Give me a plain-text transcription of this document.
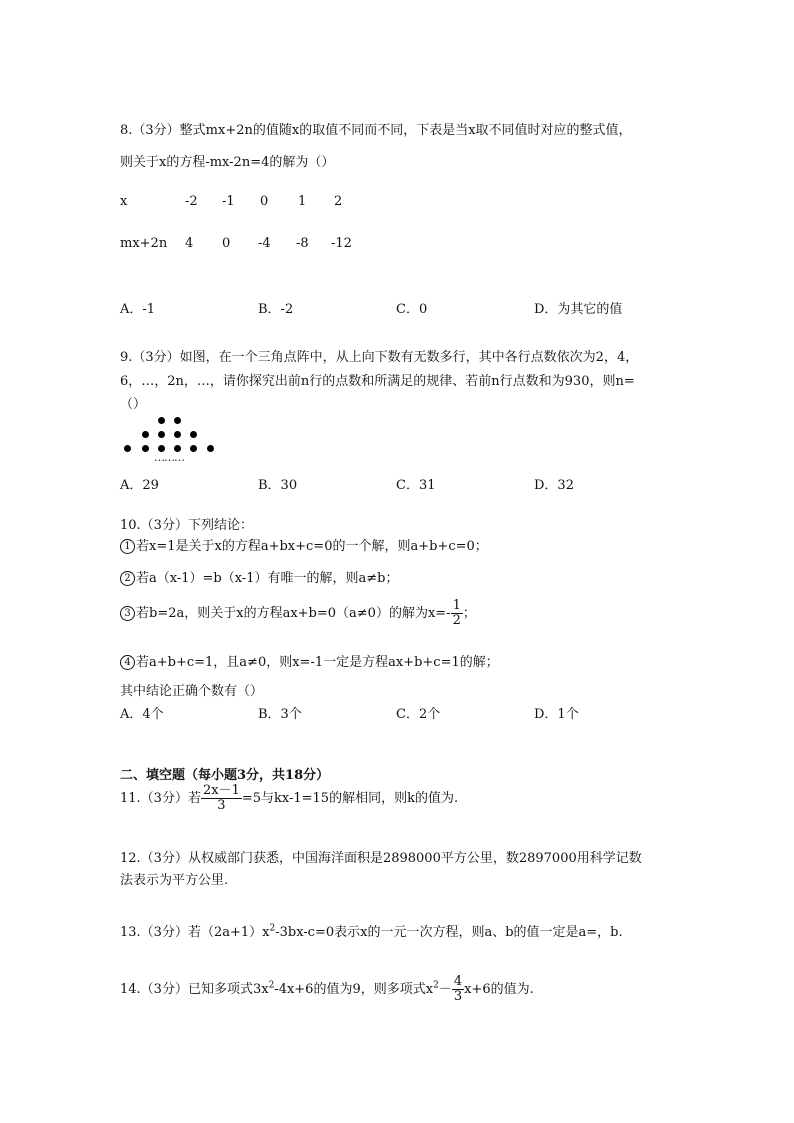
8.（3分）整式mx+2n的值随x的取值不同而不同，下表是当x取不同值时对应的整式值，
则关于x的方程-mx-2n=4的解为（）
x	-2 -1 0 1 2
mx+2n 4 0 -4 -8 -12
A．-1	B．-2	C．0	D．为其它的值
9.（3分）如图，在一个三角点阵中，从上向下数有无数多行，其中各行点数依次为2，4，
6，…，2n，…，请你探究出前n行的点数和所满足的规律、若前n行点数和为930，则n=
（）
………
A．29	B．30	C．31	D．32
10.（3分）下列结论：
1 若x=1是关于x的方程a+bx+c=0的一个解，则a+b+c=0；
2 若a（x-1）=b（x-1）有唯一的解，则a≠b；
3 若b=2a，则关于x的方程ax+b=0（a≠0）的解为$x=- \frac{1}{2}$ ；
4 若a+b+c=1，且a≠0，则x=-1一定是方程ax+b+c=1的解；
其中结论正确个数有（）
A．4个	B．3个	C．2个	D．1个
二、填空题（每小题3分，共18分）
11.（3分）若 $\frac{2x-1}{3} =5$与kx-1=15的解相同，则k的值为.
12.（3分）从权威部门获悉，中国海洋面积是2898000平方公里，数2897000用科学记数
法表示为平方公里.
13.（3分）若$(2a+1)x^2-3bx-c=0$表示x的一元一次方程，则a、b的值一定是a=，b.
14.（3分）已知多项式$3x^2-4x+6$的值为9，则多项式$x^2- \frac{4}{3} x+6$的值为.
